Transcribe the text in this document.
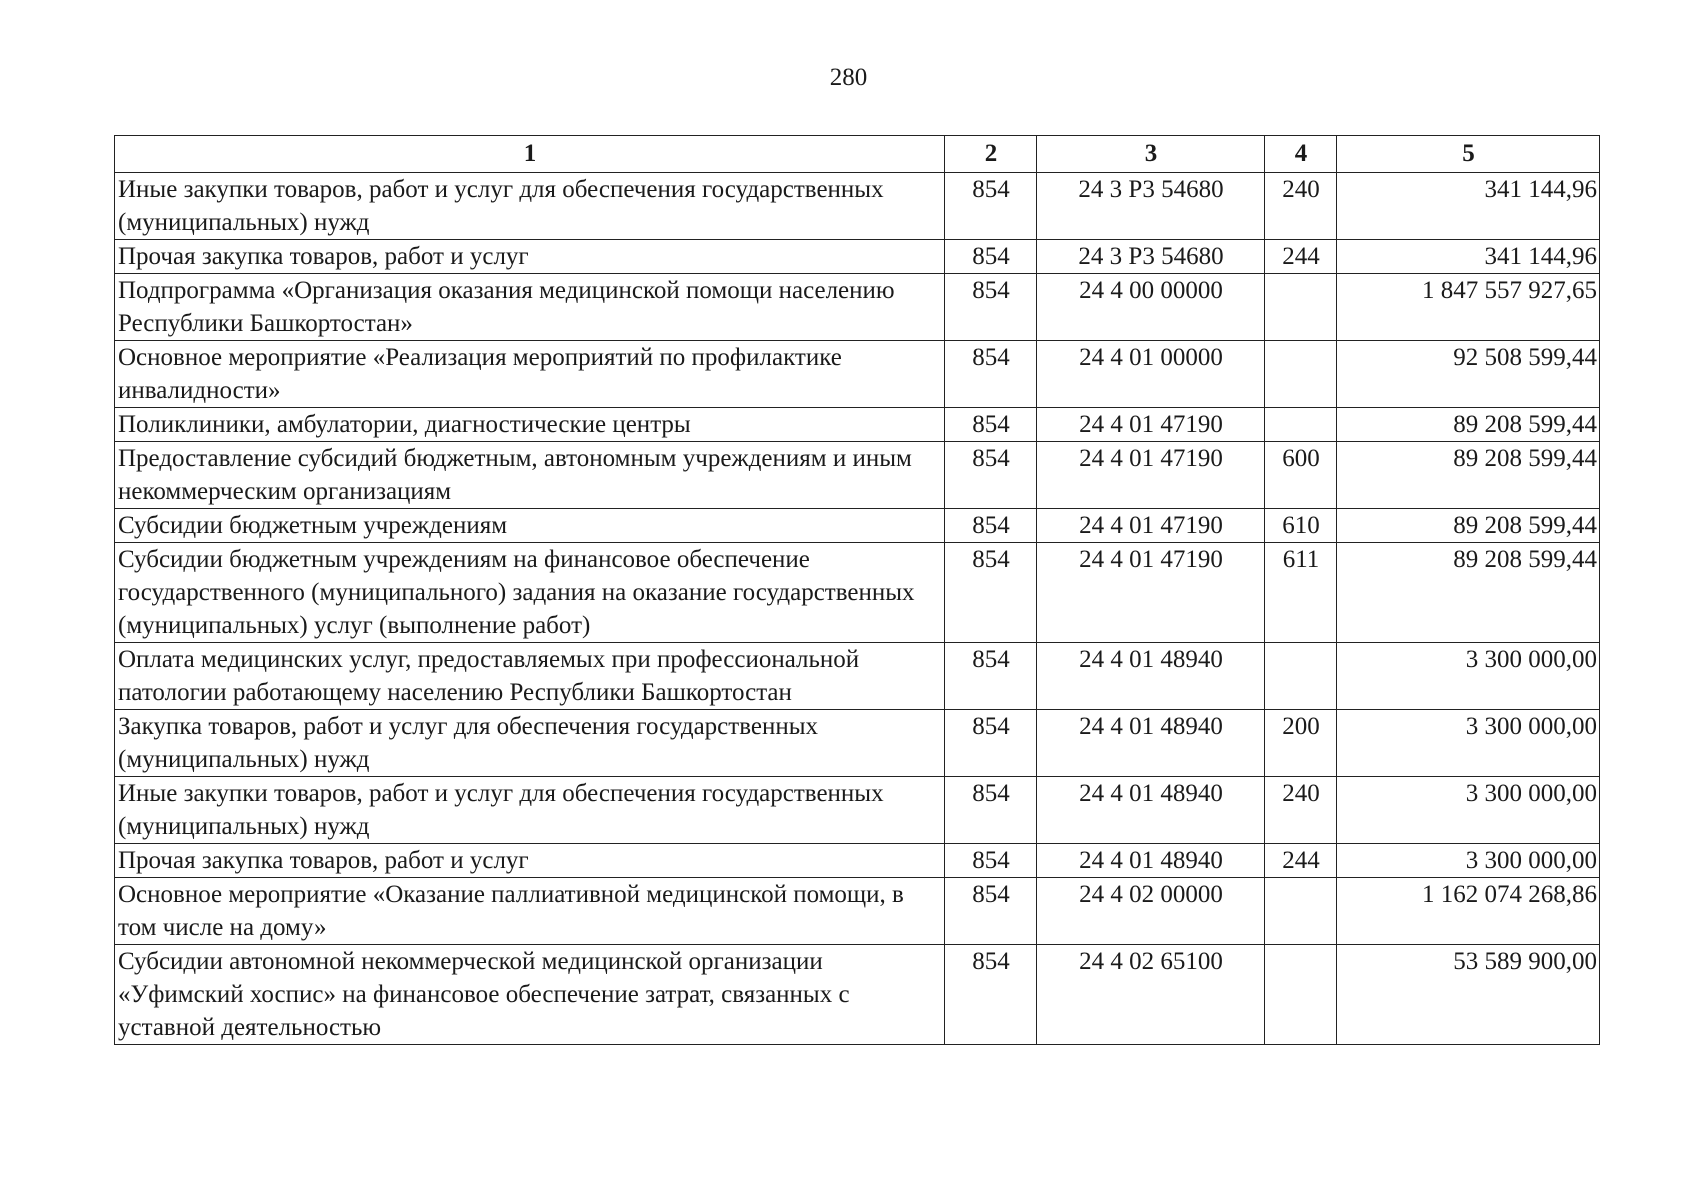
280
1	2	3	4	5
Иные закупки товаров, работ и услуг для обеспечения государственных (муниципальных) нужд	854	24 3 Р3 54680	240	341 144,96
Прочая закупка товаров, работ и услуг	854	24 3 Р3 54680	244	341 144,96
Подпрограмма «Организация оказания медицинской помощи населению Республики Башкортостан»	854	24 4 00 00000		1 847 557 927,65
Основное мероприятие «Реализация мероприятий по профилактике инвалидности»	854	24 4 01 00000		92 508 599,44
Поликлиники, амбулатории, диагностические центры	854	24 4 01 47190		89 208 599,44
Предоставление субсидий бюджетным, автономным учреждениям и иным некоммерческим организациям	854	24 4 01 47190	600	89 208 599,44
Субсидии бюджетным учреждениям	854	24 4 01 47190	610	89 208 599,44
Субсидии бюджетным учреждениям на финансовое обеспечение государственного (муниципального) задания на оказание государственных (муниципальных) услуг (выполнение работ)	854	24 4 01 47190	611	89 208 599,44
Оплата медицинских услуг, предоставляемых при профессиональной патологии работающему населению Республики Башкортостан	854	24 4 01 48940		3 300 000,00
Закупка товаров, работ и услуг для обеспечения государственных (муниципальных) нужд	854	24 4 01 48940	200	3 300 000,00
Иные закупки товаров, работ и услуг для обеспечения государственных (муниципальных) нужд	854	24 4 01 48940	240	3 300 000,00
Прочая закупка товаров, работ и услуг	854	24 4 01 48940	244	3 300 000,00
Основное мероприятие «Оказание паллиативной медицинской помощи, в том числе на дому»	854	24 4 02 00000		1 162 074 268,86
Субсидии автономной некоммерческой медицинской организации «Уфимский хоспис» на финансовое обеспечение затрат, связанных с уставной деятельностью	854	24 4 02 65100		53 589 900,00
